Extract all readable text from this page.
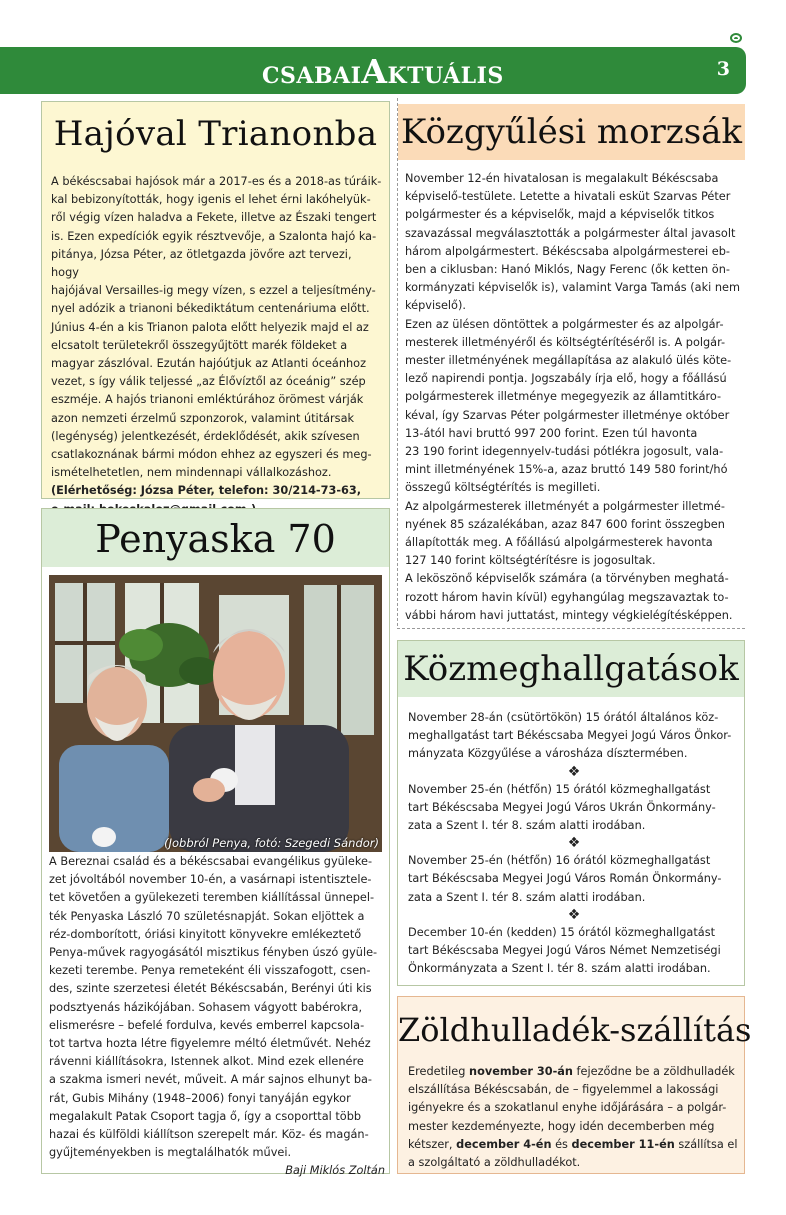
CSABAIAKTUÁLIS	3
Hajóval Trianonba

A békéscsabai hajósok már a 2017-es és a 2018-as túráik-

kal bebizonyították, hogy igenis el lehet érni lakóhelyük-

ről végig vízen haladva a Fekete, illetve az Északi tengert

is. Ezen expedíciók egyik résztvevője, a Szalonta hajó ka-

pitánya, Józsa Péter, az ötletgazda jövőre azt tervezi, hogy

hajójával Versailles-ig megy vízen, s ezzel a teljesítmény-

nyel adózik a trianoni békediktátum centenáriuma előtt.

Június 4-én a kis Trianon palota előtt helyezik majd el az

elcsatolt területekről összegyűjtött marék földeket a

magyar zászlóval. Ezután hajóútjuk az Atlanti óceánhoz

vezet, s így válik teljessé „az Élővíztől az óceánig” szép

eszméje. A hajós trianoni emléktúrához örömest várják

azon nemzeti érzelmű szponzorok, valamint útitársak

(legénység) jelentkezését, érdeklődését, akik szívesen

csatlakoznának bármi módon ehhez az egyszeri és meg-

ismételhetetlen, nem mindennapi vállalkozáshoz.

(Elérhetőség: Józsa Péter, telefon: 30/214-73-63,

Penyaska 70
(Jobbról Penya, fotó: Szegedi Sándor)

A Bereznai család és a békéscsabai evangélikus gyüleke-

zet jóvoltából november 10-én, a vasárnapi istentisztele-

tet követően a gyülekezeti teremben kiállítással ünnepel-

ték Penyaska László 70 születésnapját. Sokan eljöttek a

réz-domborított, óriási kinyitott könyvekre emlékeztető

Penya-művek ragyogásától misztikus fényben úszó gyüle-

kezeti terembe. Penya remeteként éli visszafogott, csen-

des, szinte szerzetesi életét Békéscsabán, Berényi úti kis

podsztyenás házikójában. Sohasem vágyott babérokra,

elismerésre – befelé fordulva, kevés emberrel kapcsola-

tot tartva hozta létre figyelemre méltó életművét. Nehéz

rávenni kiállításokra, Istennek alkot. Mind ezek ellenére

a szakma ismeri nevét, műveit. A már sajnos elhunyt ba-

rát, Gubis Mihány (1948–2006) fonyi tanyáján egykor

megalakult Patak Csoport tagja ő, így a csoporttal több

hazai és külföldi kiállítson szerepelt már. Köz- és magán-

gyűjteményekben is megtalálhatók művei.

Baji Miklós Zoltán

Közgyűlési morzsák

November 12-én hivatalosan is megalakult Békéscsaba

képviselő-testülete. Letette a hivatali esküt Szarvas Péter

polgármester és a képviselők, majd a képviselők titkos

szavazással megválasztották a polgármester által javasolt

három alpolgármestert. Békéscsaba alpolgármesterei eb-

ben a ciklusban: Hanó Miklós, Nagy Ferenc (ők ketten ön-

kormányzati képviselők is), valamint Varga Tamás (aki nem

képviselő).

Ezen az ülésen döntöttek a polgármester és az alpolgár-

mesterek illetményéről és költségtérítéséről is. A polgár-

mester illetményének megállapítása az alakuló ülés köte-

lező napirendi pontja. Jogszabály írja elő, hogy a főállású

polgármesterek illetménye megegyezik az államtitkáro-

kéval, így Szarvas Péter polgármester illetménye október

13-ától havi bruttó 997 200 forint. Ezen túl havonta

23 190 forint idegennyelv-tudási pótlékra jogosult, vala-

mint illetményének 15%-a, azaz bruttó 149 580 forint/hó

összegű költségtérítés is megilleti.

Az alpolgármesterek illetményét a polgármester illetmé-

nyének 85 százalékában, azaz 847 600 forint összegben

állapították meg. A főállású alpolgármesterek havonta

127 140 forint költségtérítésre is jogosultak.

A leköszönő képviselők számára (a törvényben meghatá-

rozott három havin kívül) egyhangúlag megszavaztak to-

vábbi három havi juttatást, mintegy végkielégítésképpen.

Közmeghallgatások

November 28-án (csütörtökön) 15 órától általános köz-

meghallgatást tart Békéscsaba Megyei Jogú Város Önkor-

mányzata Közgyűlése a városháza dísztermében.

❖

November 25-én (hétfőn) 15 órától közmeghallgatást

tart Békéscsaba Megyei Jogú Város Ukrán Önkormány-

zata a Szent I. tér 8. szám alatti irodában.

❖

November 25-én (hétfőn) 16 órától közmeghallgatást

tart Békéscsaba Megyei Jogú Város Román Önkormány-

zata a Szent I. tér 8. szám alatti irodában.

❖

December 10-én (kedden) 15 órától közmeghallgatást

tart Békéscsaba Megyei Jogú Város Német Nemzetiségi

Önkormányzata a Szent I. tér 8. szám alatti irodában.

Zöldhulladék-szállítás

Eredetileg november 30-án fejeződne be a zöldhulladék

elszállítása Békéscsabán, de – figyelemmel a lakossági

igényekre és a szokatlanul enyhe időjárására – a polgár-

mester kezdeményezte, hogy idén decemberben még

kétszer, december 4-én és december 11-én szállítsa el

a szolgáltató a zöldhulladékot.
